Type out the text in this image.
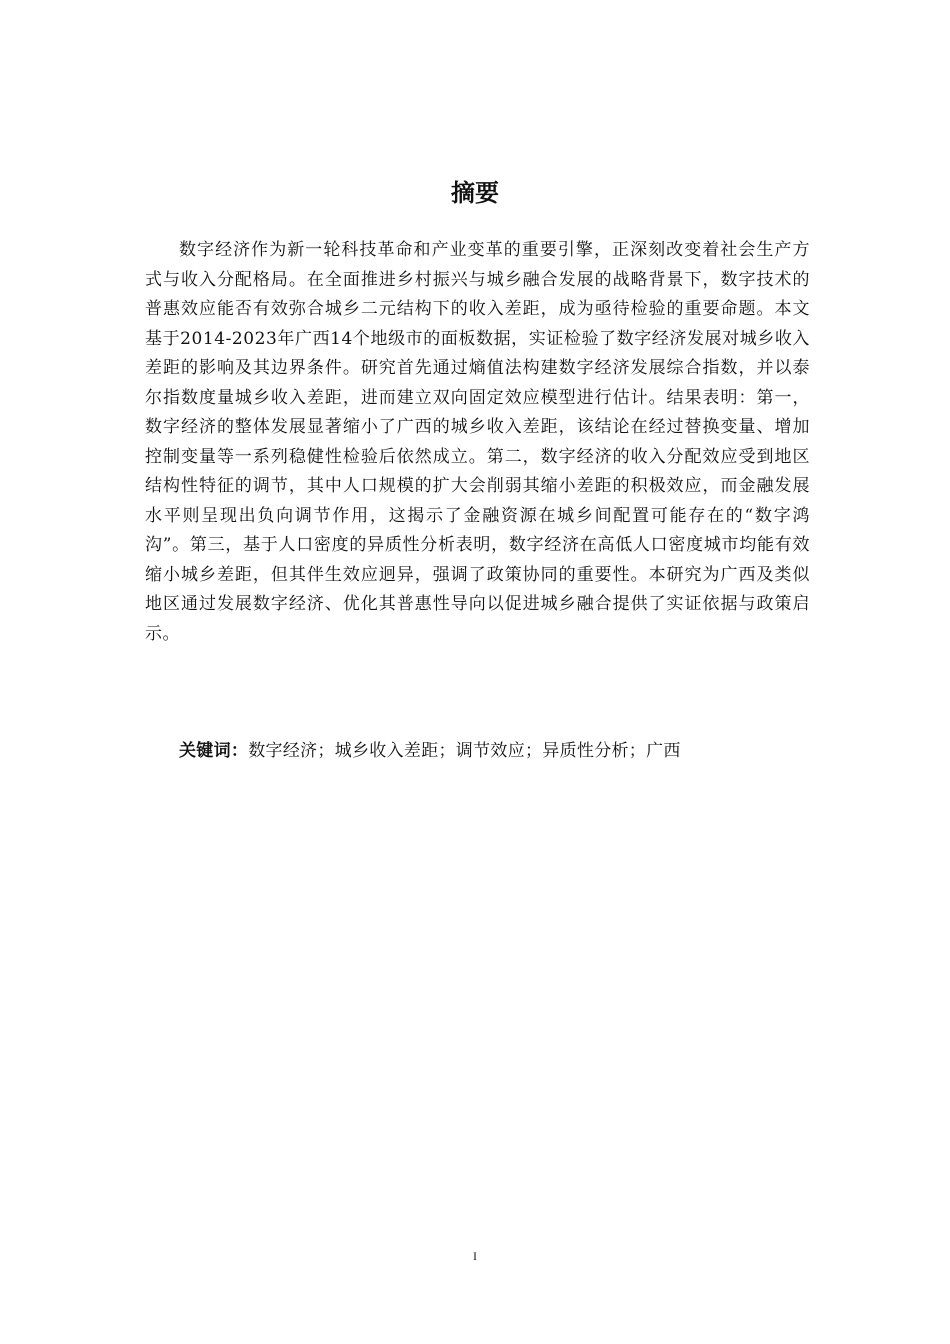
摘要

数字经济作为新一轮科技革命和产业变革的重要引擎，正深刻改变着社会生产方式与收入分配格局。在全面推进乡村振兴与城乡融合发展的战略背景下，数字技术的普惠效应能否有效弥合城乡二元结构下的收入差距，成为亟待检验的重要命题。本文基于2014-2023年广西14个地级市的面板数据，实证检验了数字经济发展对城乡收入差距的影响及其边界条件。研究首先通过熵值法构建数字经济发展综合指数，并以泰尔指数度量城乡收入差距，进而建立双向固定效应模型进行估计。结果表明：第一，数字经济的整体发展显著缩小了广西的城乡收入差距，该结论在经过替换变量、增加控制变量等一系列稳健性检验后依然成立。第二，数字经济的收入分配效应受到地区结构性特征的调节，其中人口规模的扩大会削弱其缩小差距的积极效应，而金融发展水平则呈现出负向调节作用，这揭示了金融资源在城乡间配置可能存在的“数字鸿沟”。第三，基于人口密度的异质性分析表明，数字经济在高低人口密度城市均能有效缩小城乡差距，但其伴生效应迥异，强调了政策协同的重要性。本研究为广西及类似地区通过发展数字经济、优化其普惠性导向以促进城乡融合提供了实证依据与政策启示。

关键词：数字经济；城乡收入差距；调节效应；异质性分析；广西
I
